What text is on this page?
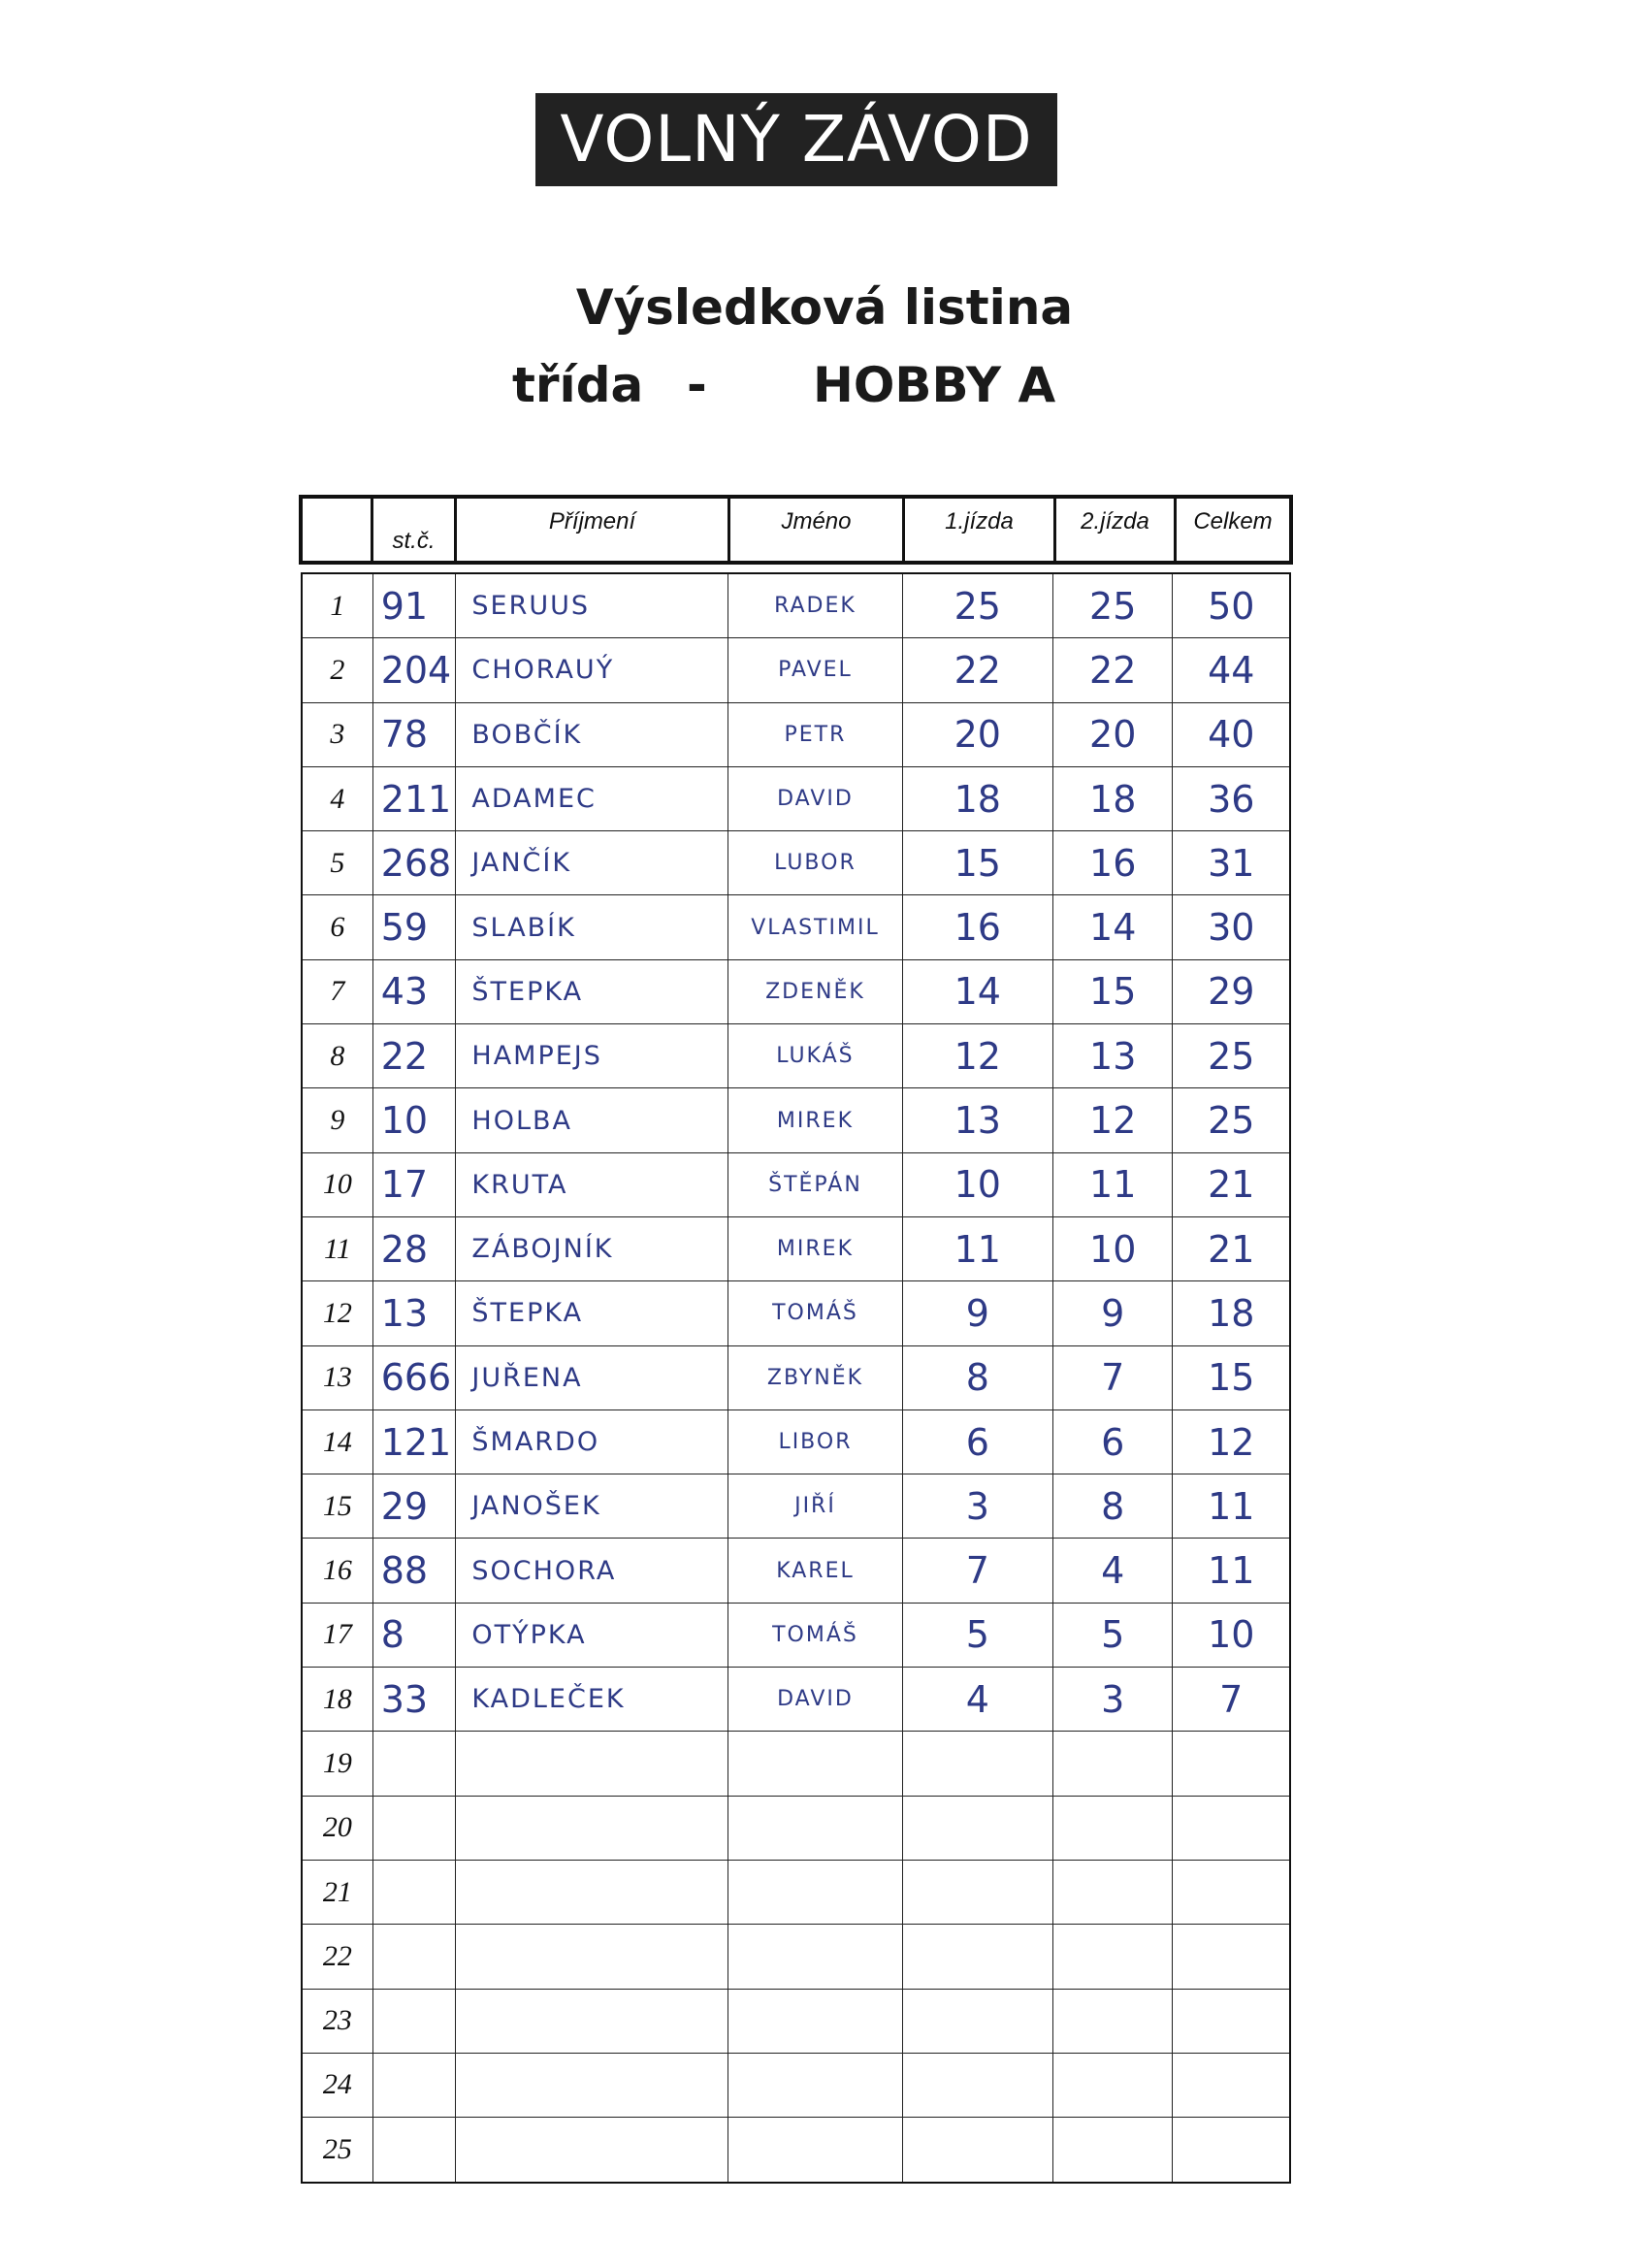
VOLNÝ ZÁVOD
Výsledková listina
třída - HOBBY A
st.č.
Příjmení	Jméno	1.jízda	2.jízda	Celkem
1 91 SERUUS	RADEK	25 25 50
2 204 CHORAUÝ	PAVEL	22 22 44
3 78 BOBČÍK	PETR	20 20 40
4 211 ADAMEC	DAVID	18 18 36
5 268 JANČÍK	LUBOR	15 16 31
6 59 SLABÍK	VLASTIMIL 16 14 30
7 43 ŠTEPKA	ZDENĚK 14 15 29
8 22 HAMPEJS	LUKÁŠ	12 13 25
9 10 HOLBA	MIREK	13 12 25
10 17 KRUTA	ŠTĚPÁN 10 11 21
11 28 ZÁBOJNÍK	MIREK	11 10 21
12 13 ŠTEPKA	TOMÁŠ	9	9 18
13 666 JUŘENA	ZBYNĚK	8	7 15
14 121 ŠMARDO	LIBOR	6	6 12
15 29 JANOŠEK	JIŘÍ	3	8 11
16 88 SOCHORA	KAREL	7	4 11
17 8	OTÝPKA	TOMÁŠ	5	5 10
18 33 KADLEČEK	DAVID	4	3	7
19
20
21
22
23
24
25
